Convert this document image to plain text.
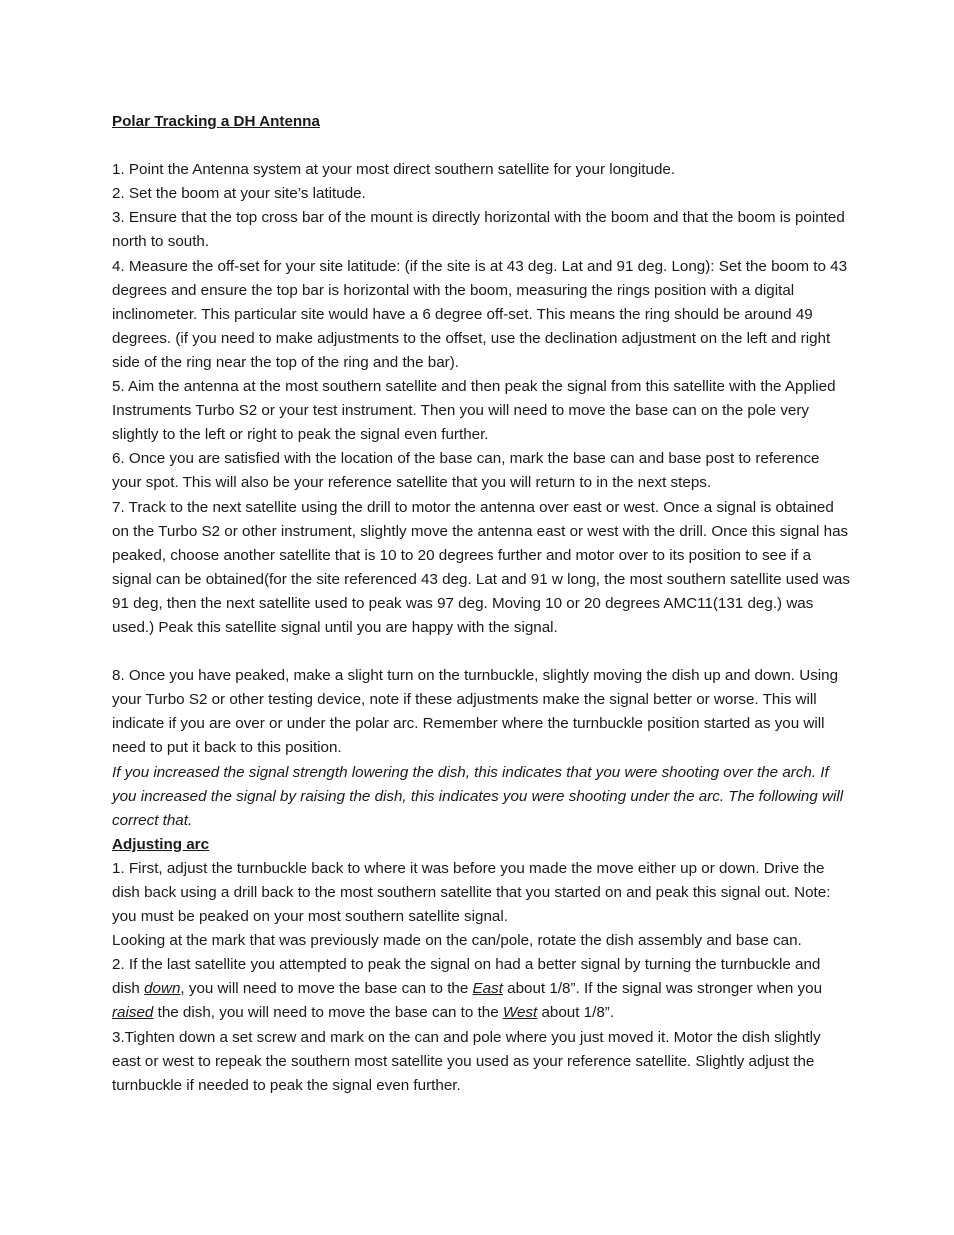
Polar Tracking a DH Antenna

1. Point the Antenna system at your most direct southern satellite for your longitude.

2. Set the boom at your site’s latitude.

3. Ensure that the top cross bar of the mount is directly horizontal with the boom and that the boom is pointed north to south.

4. Measure the off-set for your site latitude: (if the site is at 43 deg. Lat and 91 deg. Long): Set the boom to 43 degrees and ensure the top bar is horizontal with the boom, measuring the rings position with a digital inclinometer. This particular site would have a 6 degree off-set. This means the ring should be around 49 degrees. (if you need to make adjustments to the offset, use the declination adjustment on the left and right side of the ring near the top of the ring and the bar).

5. Aim the antenna at the most southern satellite and then peak the signal from this satellite with the Applied Instruments Turbo S2 or your test instrument. Then you will need to move the base can on the pole very slightly to the left or right to peak the signal even further.

6. Once you are satisfied with the location of the base can, mark the base can and base post to reference your spot. This will also be your reference satellite that you will return to in the next steps.

7. Track to the next satellite using the drill to motor the antenna over east or west. Once a signal is obtained on the Turbo S2 or other instrument, slightly move the antenna east or west with the drill. Once this signal has peaked, choose another satellite that is 10 to 20 degrees further and motor over to its position to see if a signal can be obtained(for the site referenced 43 deg. Lat and 91 w long, the most southern satellite used was 91 deg, then the next satellite used to peak was 97 deg. Moving 10 or 20 degrees AMC11(131 deg.) was used.) Peak this satellite signal until you are happy with the signal.

8. Once you have peaked, make a slight turn on the turnbuckle, slightly moving the dish up and down. Using your Turbo S2 or other testing device, note if these adjustments make the signal better or worse. This will indicate if you are over or under the polar arc. Remember where the turnbuckle position started as you will need to put it back to this position.

If you increased the signal strength lowering the dish, this indicates that you were shooting over the arch. If you increased the signal by raising the dish, this indicates you were shooting under the arc. The following will correct that.

Adjusting arc

1. First, adjust the turnbuckle back to where it was before you made the move either up or down. Drive the dish back using a drill back to the most southern satellite that you started on and peak this signal out. Note: you must be peaked on your most southern satellite signal.

Looking at the mark that was previously made on the can/pole, rotate the dish assembly and base can.

2. If the last satellite you attempted to peak the signal on had a better signal by turning the turnbuckle and dish down, you will need to move the base can to the East about 1/8”. If the signal was stronger when you raised the dish, you will need to move the base can to the West about 1/8”.

3.Tighten down a set screw and mark on the can and pole where you just moved it. Motor the dish slightly east or west to repeak the southern most satellite you used as your reference satellite. Slightly adjust the turnbuckle if needed to peak the signal even further.
